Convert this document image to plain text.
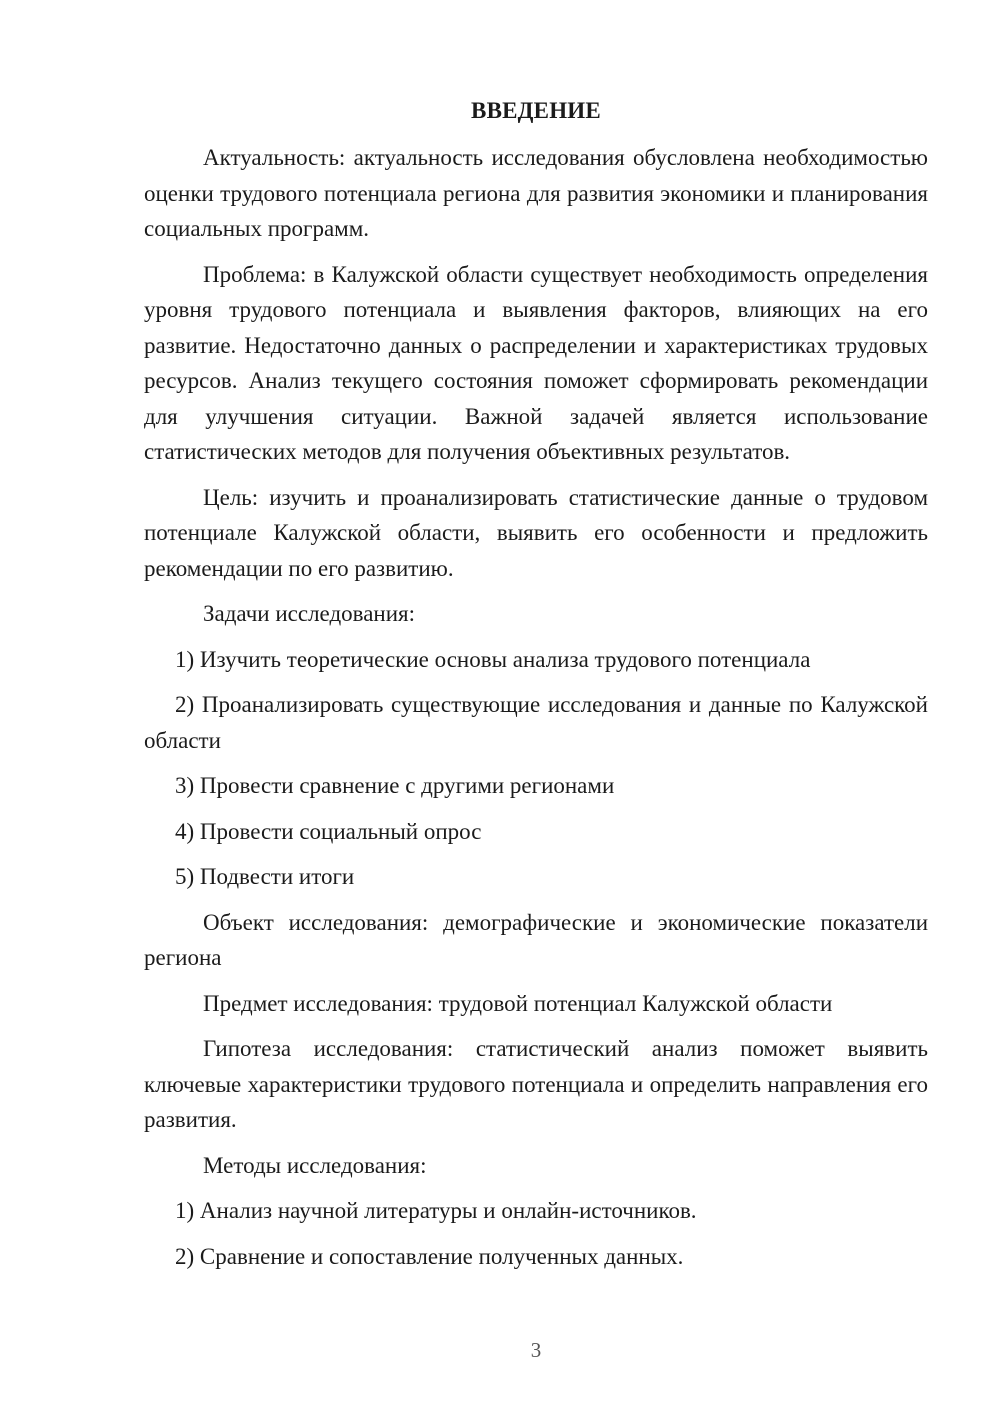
ВВЕДЕНИЕ

Актуальность: актуальность исследования обусловлена необходимостью оценки трудового потенциала региона для развития экономики и планирования социальных программ.

Проблема: в Калужской области существует необходимость определения уровня трудового потенциала и выявления факторов, влияющих на его развитие. Недостаточно данных о распределении и характеристиках трудовых ресурсов. Анализ текущего состояния поможет сформировать рекомендации для улучшения ситуации. Важной задачей является использование статистических методов для получения объективных результатов.

Цель: изучить и проанализировать статистические данные о трудовом потенциале Калужской области, выявить его особенности и предложить рекомендации по его развитию.

Задачи исследования:

1) Изучить теоретические основы анализа трудового потенциала

2) Проанализировать существующие исследования и данные по Калужской области

3) Провести сравнение с другими регионами

4) Провести социальный опрос

5) Подвести итоги

Объект исследования: демографические и экономические показатели региона

Предмет исследования: трудовой потенциал Калужской области

Гипотеза исследования: статистический анализ поможет выявить ключевые характеристики трудового потенциала и определить направления его развития.

Методы исследования:

1) Анализ научной литературы и онлайн-источников.

2) Сравнение и сопоставление полученных данных.

3
